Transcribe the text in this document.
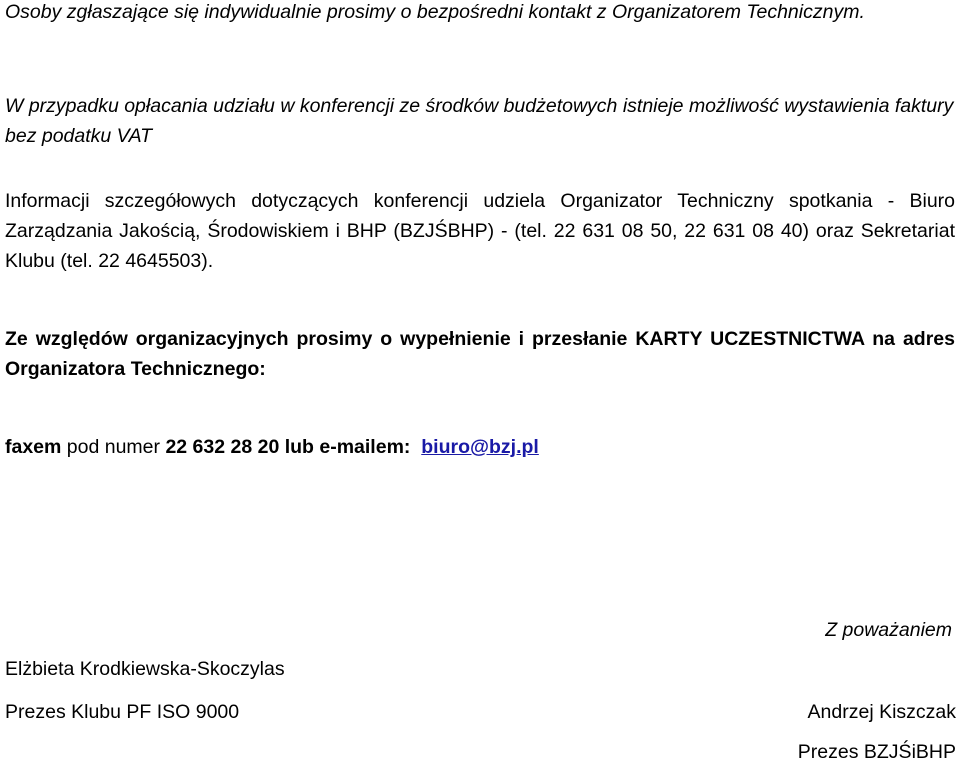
Osoby zgłaszające się indywidualnie prosimy o bezpośredni kontakt z Organizatorem Technicznym.

W przypadku opłacania udziału w konferencji ze środków budżetowych istnieje możliwość wystawienia faktury bez podatku VAT

Informacji szczegółowych dotyczących konferencji udziela Organizator Techniczny spotkania - Biuro Zarządzania Jakością, Środowiskiem i BHP (BZJŚBHP) - (tel. 22 631 08 50, 22 631 08 40) oraz Sekretariat Klubu (tel. 22 4645503).

Ze względów organizacyjnych prosimy o wypełnienie i przesłanie KARTY UCZESTNICTWA na adres Organizatora Technicznego:

faxem pod numer 22 632 28 20 lub e-mailem: biuro@bzj.pl

Z poważaniem
Elżbieta Krodkiewska-Skoczylas
Prezes Klubu PF ISO 9000	Andrzej Kiszczak
Prezes BZJŚiBHP
